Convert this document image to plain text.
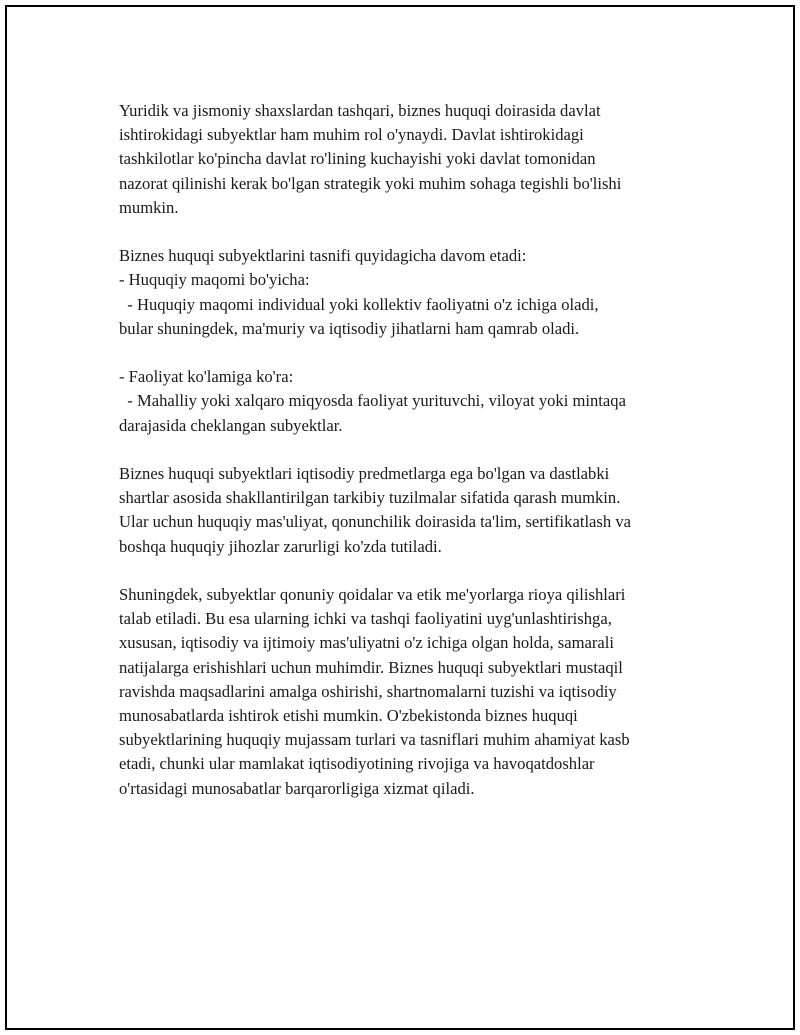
Yuridik va jismoniy shaxslardan tashqari, biznes huquqi doirasida davlat
ishtirokidagi subyektlar ham muhim rol o'ynaydi. Davlat ishtirokidagi
tashkilotlar ko'pincha davlat ro'lining kuchayishi yoki davlat tomonidan
nazorat qilinishi kerak bo'lgan strategik yoki muhim sohaga tegishli bo'lishi
mumkin.

Biznes huquqi subyektlarini tasnifi quyidagicha davom etadi:
- Huquqiy maqomi bo'yicha:
- Huquqiy maqomi individual yoki kollektiv faoliyatni o'z ichiga oladi,
bular shuningdek, ma'muriy va iqtisodiy jihatlarni ham qamrab oladi.

- Faoliyat ko'lamiga ko'ra:
- Mahalliy yoki xalqaro miqyosda faoliyat yurituvchi, viloyat yoki mintaqa
darajasida cheklangan subyektlar.

Biznes huquqi subyektlari iqtisodiy predmetlarga ega bo'lgan va dastlabki
shartlar asosida shakllantirilgan tarkibiy tuzilmalar sifatida qarash mumkin.
Ular uchun huquqiy mas'uliyat, qonunchilik doirasida ta'lim, sertifikatlash va
boshqa huquqiy jihozlar zarurligi ko'zda tutiladi.

Shuningdek, subyektlar qonuniy qoidalar va etik me'yorlarga rioya qilishlari
talab etiladi. Bu esa ularning ichki va tashqi faoliyatini uyg'unlashtirishga,
xususan, iqtisodiy va ijtimoiy mas'uliyatni o'z ichiga olgan holda, samarali
natijalarga erishishlari uchun muhimdir. Biznes huquqi subyektlari mustaqil
ravishda maqsadlarini amalga oshirishi, shartnomalarni tuzishi va iqtisodiy
munosabatlarda ishtirok etishi mumkin. O'zbekistonda biznes huquqi
subyektlarining huquqiy mujassam turlari va tasniflari muhim ahamiyat kasb
etadi, chunki ular mamlakat iqtisodiyotining rivojiga va havoqatdoshlar
o'rtasidagi munosabatlar barqarorligiga xizmat qiladi.
